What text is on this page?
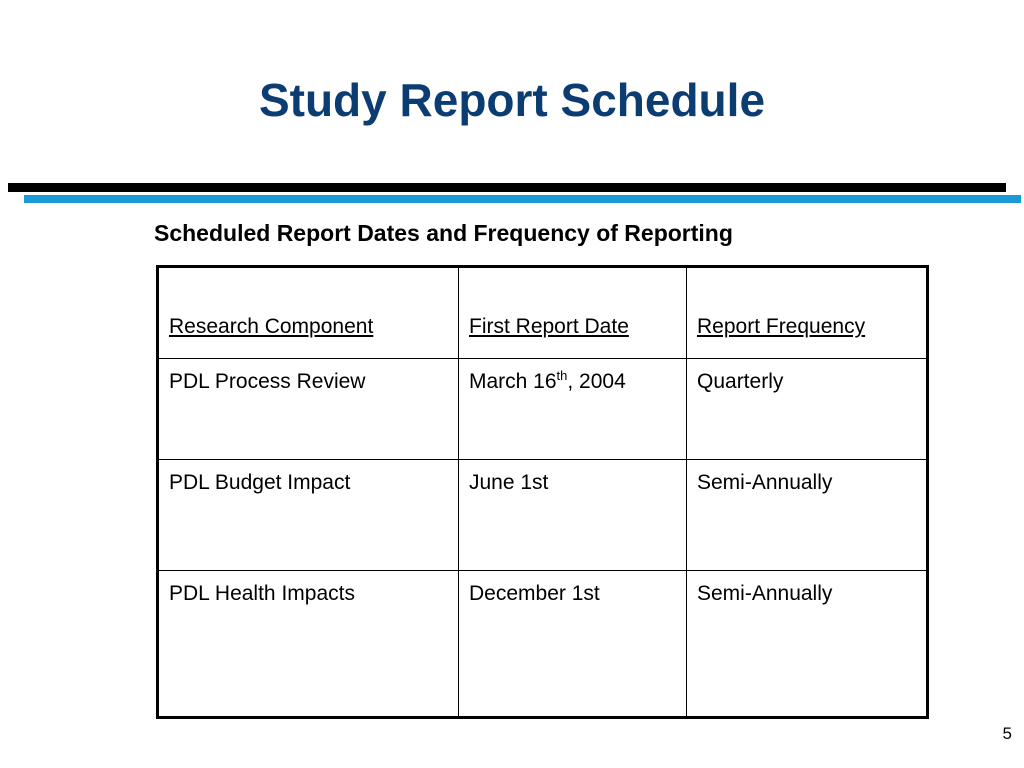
Study Report Schedule
Scheduled Report Dates and Frequency of Reporting
Research Component	First Report Date	Report Frequency
PDL Process Review	March 16th, 2004	Quarterly
PDL Budget Impact	June 1st	Semi-Annually
PDL Health Impacts	December 1st	Semi-Annually
5
